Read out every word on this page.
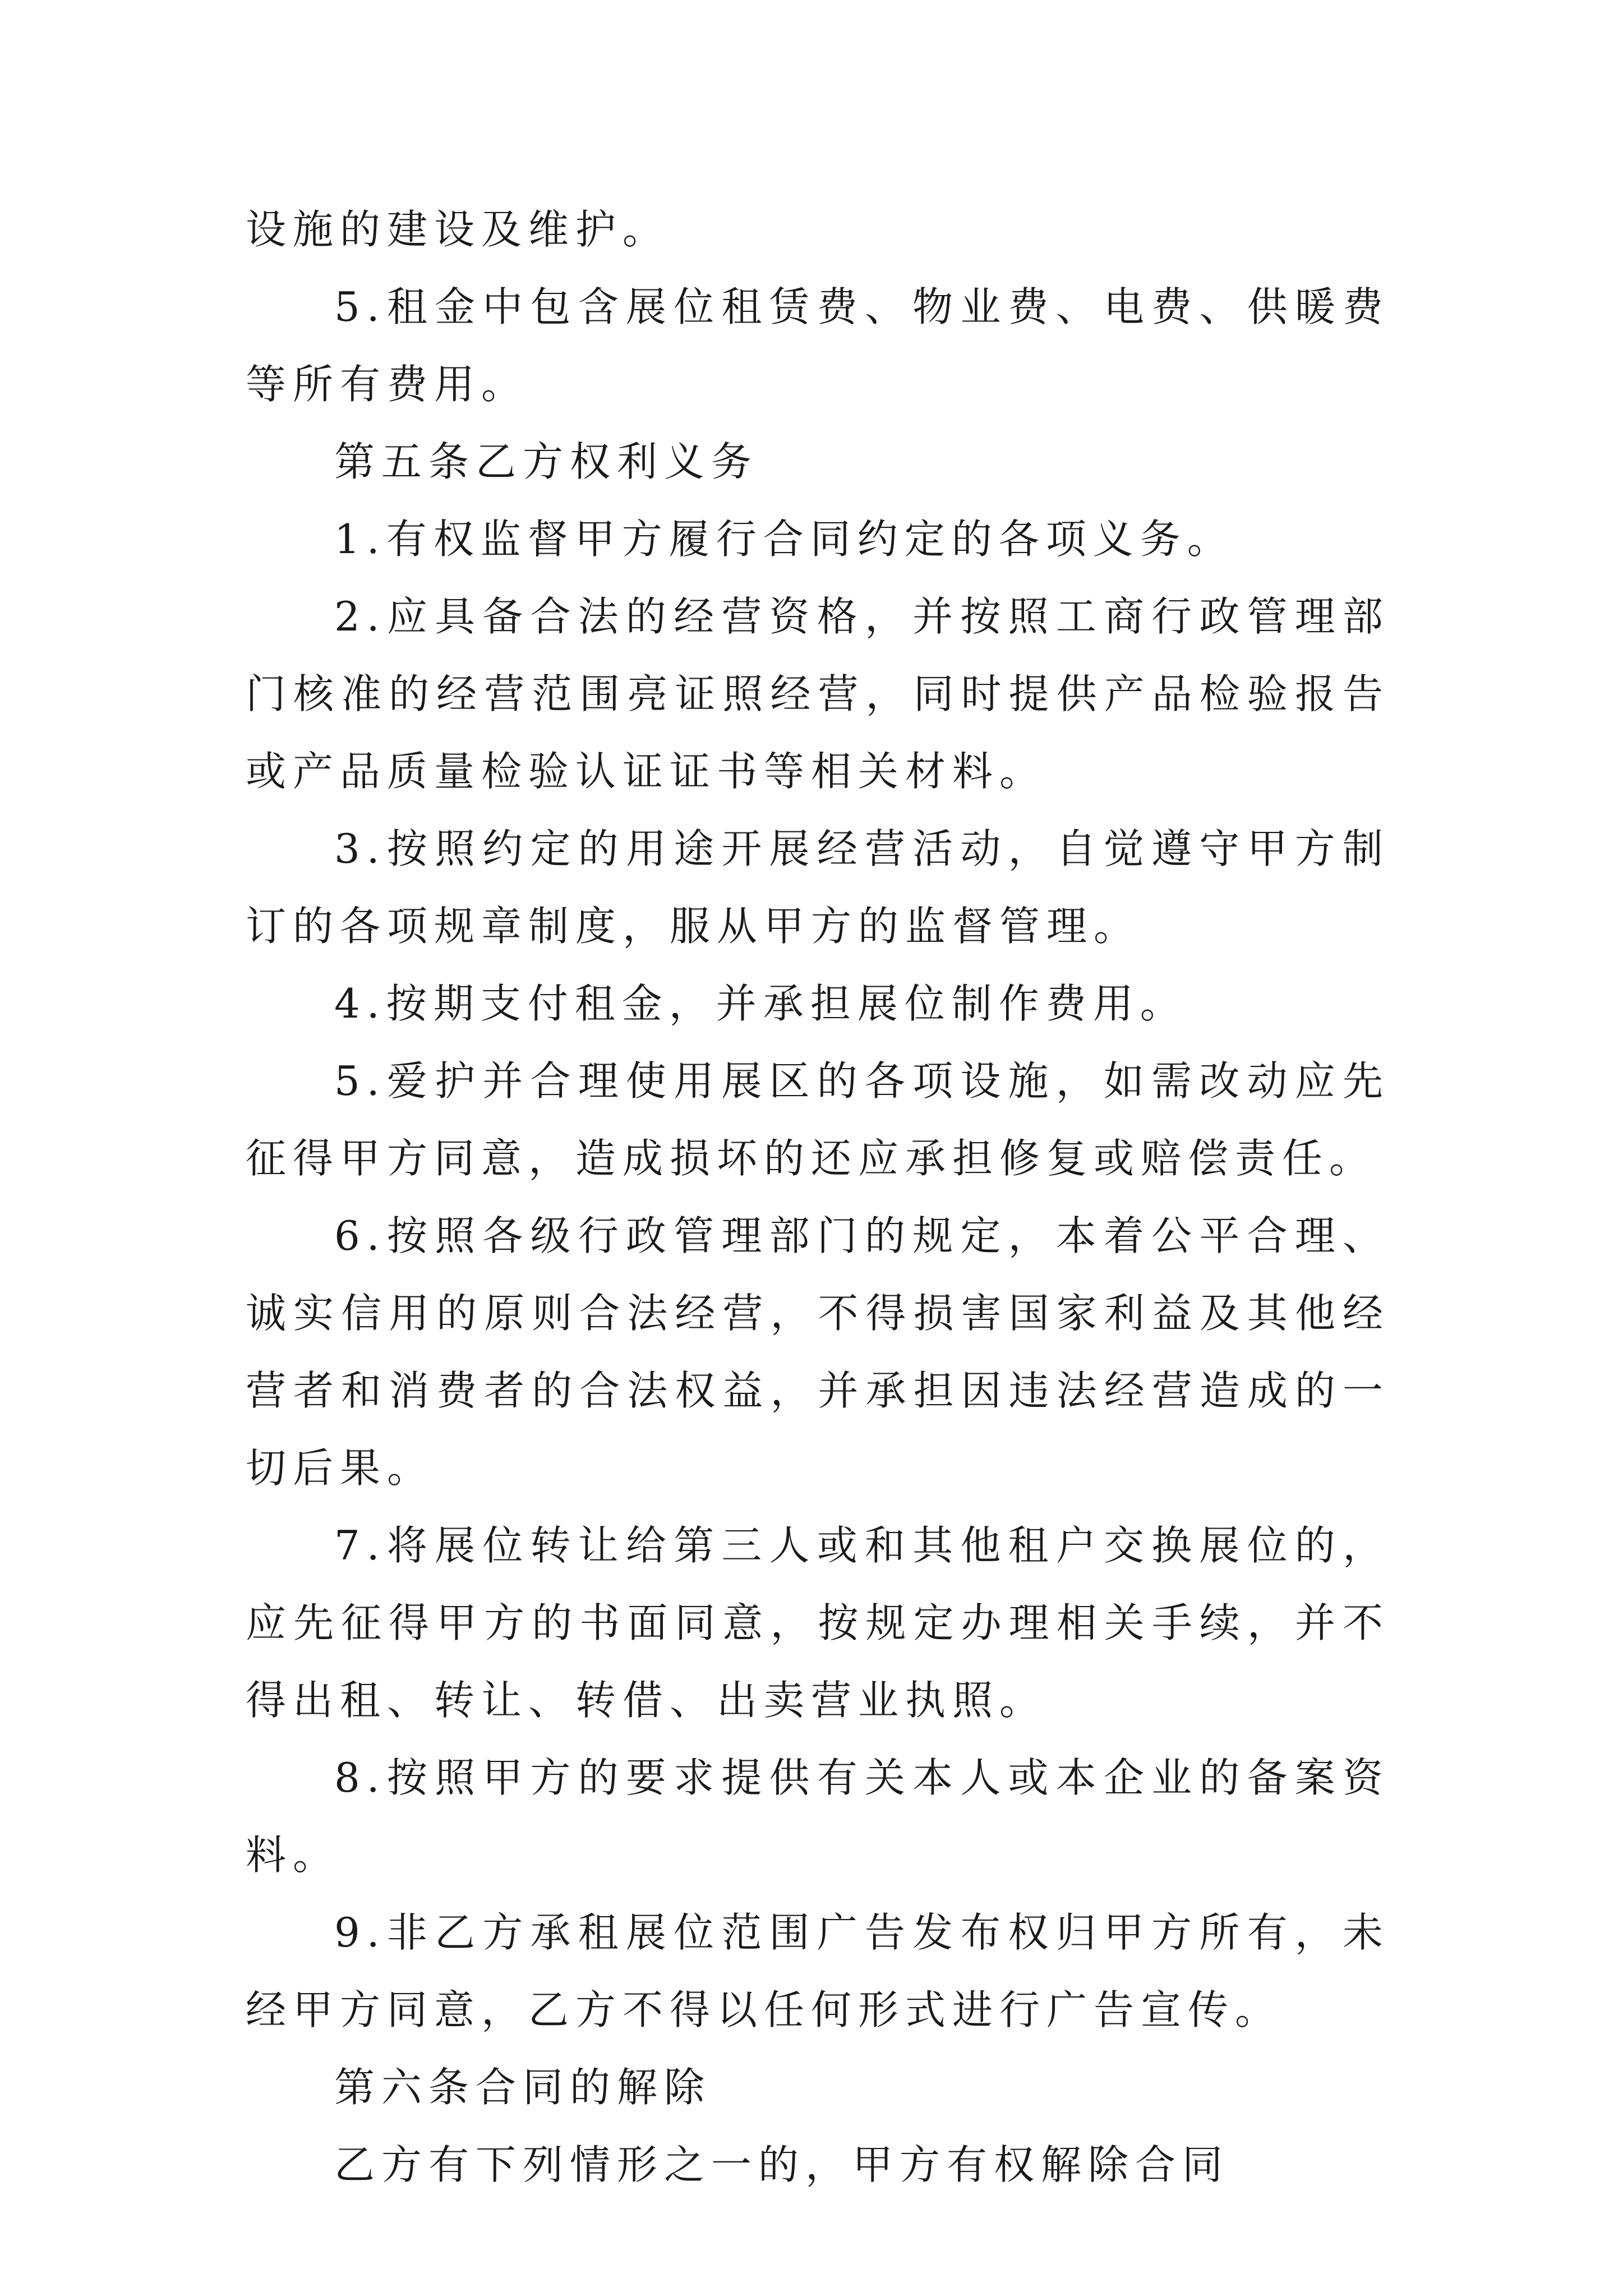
设施的建设及维护。

5.租金中包含展位租赁费、物业费、电费、供暖费等所有费用。

第五条乙方权利义务

1.有权监督甲方履行合同约定的各项义务。

2.应具备合法的经营资格，并按照工商行政管理部门核准的经营范围亮证照经营，同时提供产品检验报告或产品质量检验认证证书等相关材料。

3.按照约定的用途开展经营活动，自觉遵守甲方制订的各项规章制度，服从甲方的监督管理。

4.按期支付租金，并承担展位制作费用。

5.爱护并合理使用展区的各项设施，如需改动应先征得甲方同意，造成损坏的还应承担修复或赔偿责任。

6.按照各级行政管理部门的规定，本着公平合理、诚实信用的原则合法经营，不得损害国家利益及其他经营者和消费者的合法权益，并承担因违法经营造成的一切后果。

7.将展位转让给第三人或和其他租户交换展位的，应先征得甲方的书面同意，按规定办理相关手续，并不得出租、转让、转借、出卖营业执照。

8.按照甲方的要求提供有关本人或本企业的备案资料。

9.非乙方承租展位范围广告发布权归甲方所有，未经甲方同意，乙方不得以任何形式进行广告宣传。

第六条合同的解除

乙方有下列情形之一的，甲方有权解除合同
